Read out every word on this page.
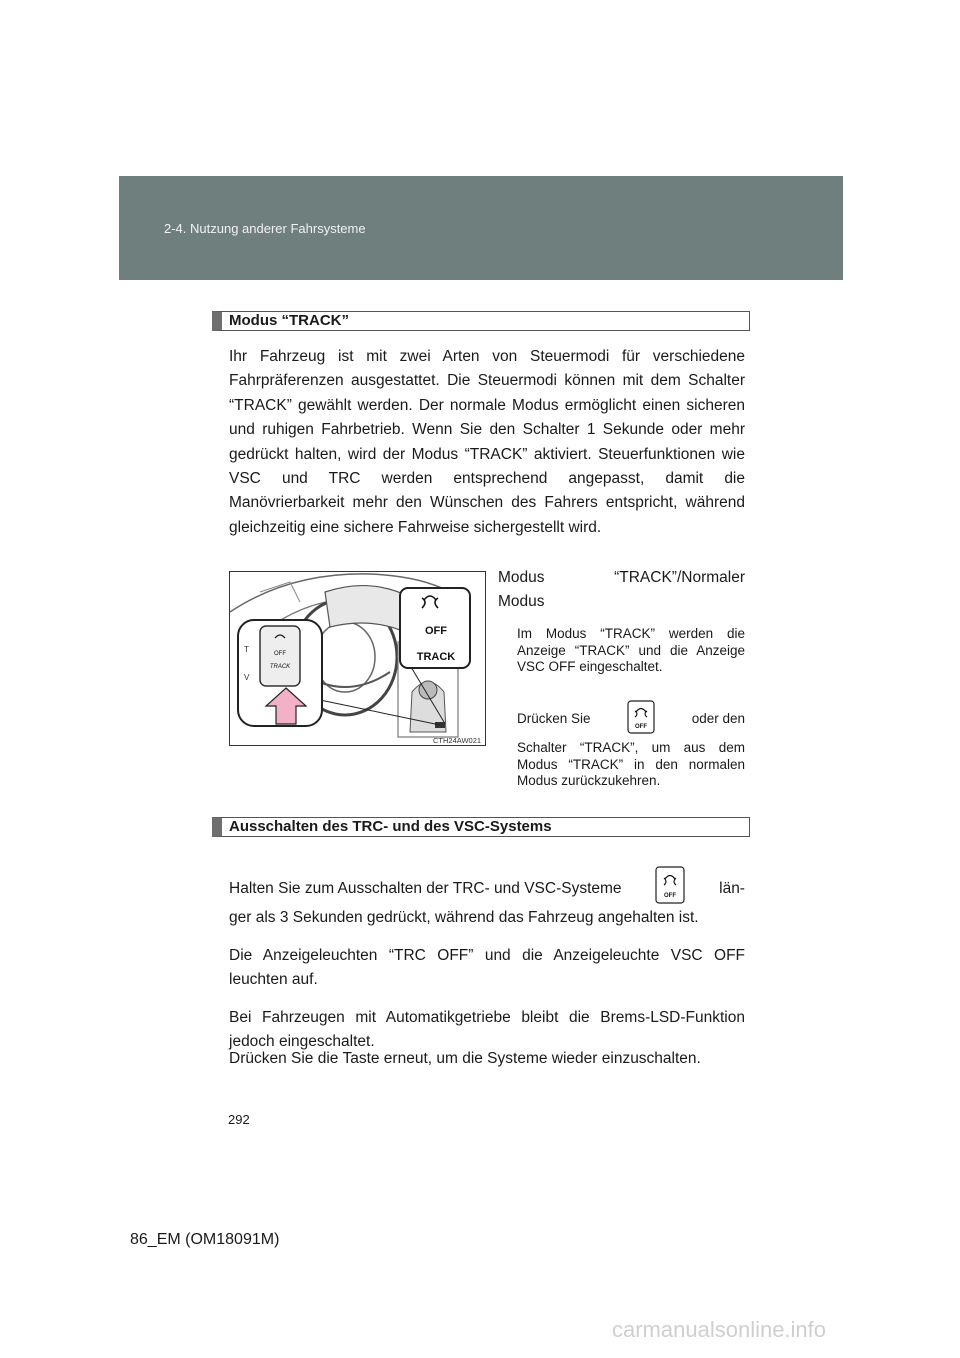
2-4. Nutzung anderer Fahrsysteme
Modus “TRACK”

Ihr Fahrzeug ist mit zwei Arten von Steuermodi für verschiedene Fahrpräferenzen ausgestattet. Die Steuermodi können mit dem Schalter “TRACK” gewählt werden. Der normale Modus ermöglicht einen sicheren und ruhigen Fahrbetrieb. Wenn Sie den Schalter 1 Sekunde oder mehr gedrückt halten, wird der Modus “TRACK” aktiviert. Steuerfunktionen wie VSC und TRC werden entsprechend angepasst, damit die Manövrierbarkeit mehr den Wünschen des Fahrers entspricht, während gleichzeitig eine sichere Fahrweise sichergestellt wird.

OFF
TRACK
OFF
TRACK
T
V
CTH24AW021
Modus	“TRACK”/Normaler
Modus

Im Modus “TRACK” werden die Anzeige “TRACK” und die Anzeige VSC OFF eingeschaltet.

Drücken Sie
OFF
oder den

Schalter “TRACK”, um aus dem Modus “TRACK” in den normalen Modus zurückzukehren.

Ausschalten des TRC- und des VSC-Systems
Halten Sie zum Ausschalten der TRC- und VSC-Systeme	OFF	län-

ger als 3 Sekunden gedrückt, während das Fahrzeug angehalten ist.

Die Anzeigeleuchten “TRC OFF” und die Anzeigeleuchte VSC OFF leuchten auf.

Bei Fahrzeugen mit Automatikgetriebe bleibt die Brems-LSD-Funktion jedoch eingeschaltet.

Drücken Sie die Taste erneut, um die Systeme wieder einzuschalten.

292
86_EM (OM18091M)
carmanualsonline.info
